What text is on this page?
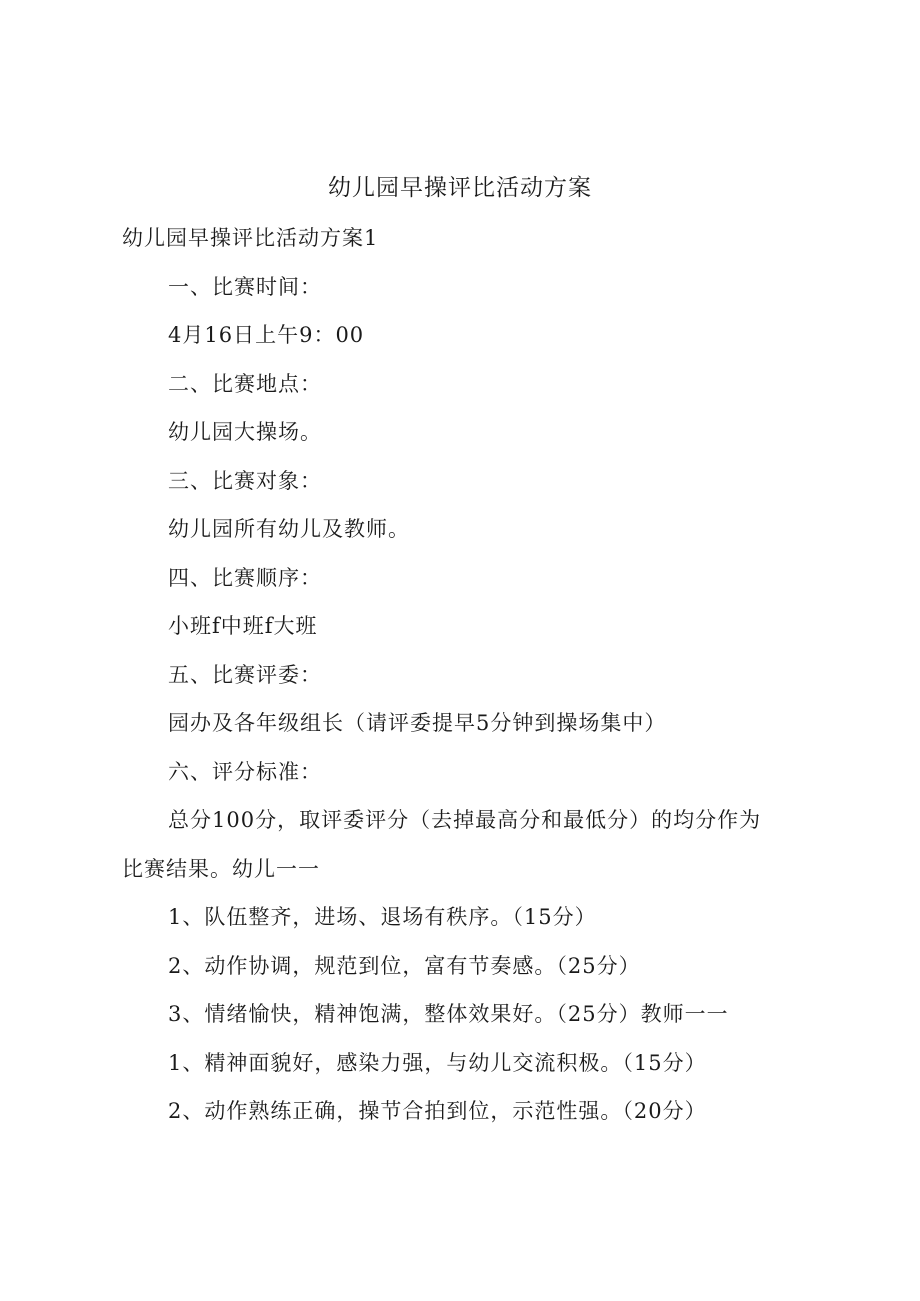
幼儿园早操评比活动方案
幼儿园早操评比活动方案1
一、比赛时间：
4月16日上午9：00
二、比赛地点：
幼儿园大操场。
三、比赛对象：
幼儿园所有幼儿及教师。
四、比赛顺序：
小班f中班f大班
五、比赛评委：
园办及各年级组长（请评委提早5分钟到操场集中）
六、评分标准：
总分100分，取评委评分（去掉最高分和最低分）的均分作为
比赛结果。幼儿一一
1、队伍整齐，进场、退场有秩序。（15分）
2、动作协调，规范到位，富有节奏感。（25分）
3、情绪愉快，精神饱满，整体效果好。（25分）教师一一
1、精神面貌好，感染力强，与幼儿交流积极。（15分）
2、动作熟练正确，操节合拍到位，示范性强。（20分）
